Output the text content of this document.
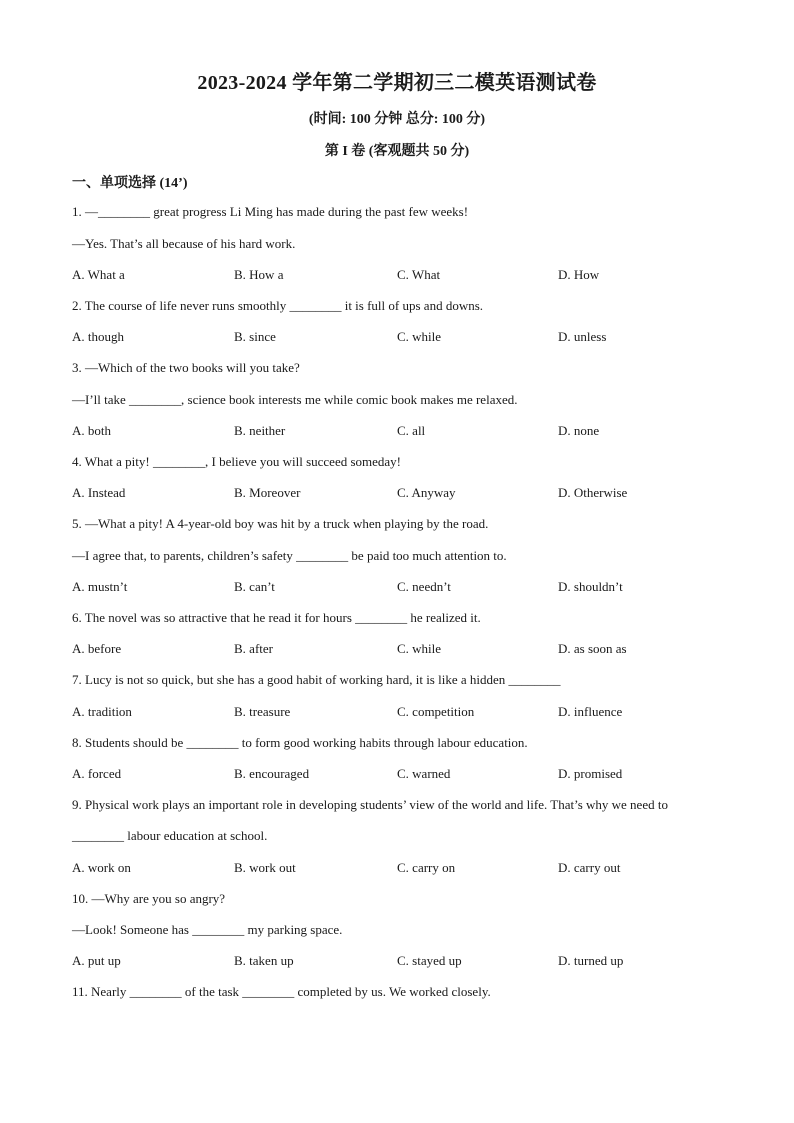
2023-2024 学年第二学期初三二模英语测试卷
(时间: 100 分钟 总分: 100 分)
第 I 卷 (客观题共 50 分)
一、单项选择 (14’)
1. —________ great progress Li Ming has made during the past few weeks!
—Yes. That’s all because of his hard work.
A. What a	B. How a	C. What	D. How
2. The course of life never runs smoothly ________ it is full of ups and downs.
A. though	B. since	C. while	D. unless
3. —Which of the two books will you take?
—I’ll take ________, science book interests me while comic book makes me relaxed.
A. both	B. neither	C. all	D. none
4. What a pity! ________, I believe you will succeed someday!
A. Instead	B. Moreover	C. Anyway	D. Otherwise
5. —What a pity! A 4-year-old boy was hit by a truck when playing by the road.
—I agree that, to parents, children’s safety ________ be paid too much attention to.
A. mustn’t	B. can’t	C. needn’t	D. shouldn’t
6. The novel was so attractive that he read it for hours ________ he realized it.
A. before	B. after	C. while	D. as soon as
7. Lucy is not so quick, but she has a good habit of working hard, it is like a hidden ________
A. tradition	B. treasure	C. competition	D. influence
8. Students should be ________ to form good working habits through labour education.
A. forced	B. encouraged	C. warned	D. promised
9. Physical work plays an important role in developing students’ view of the world and life. That’s why we need to
________ labour education at school.
A. work on	B. work out	C. carry on	D. carry out
10. —Why are you so angry?
—Look! Someone has ________ my parking space.
A. put up	B. taken up	C. stayed up	D. turned up
11. Nearly ________ of the task ________ completed by us. We worked closely.
